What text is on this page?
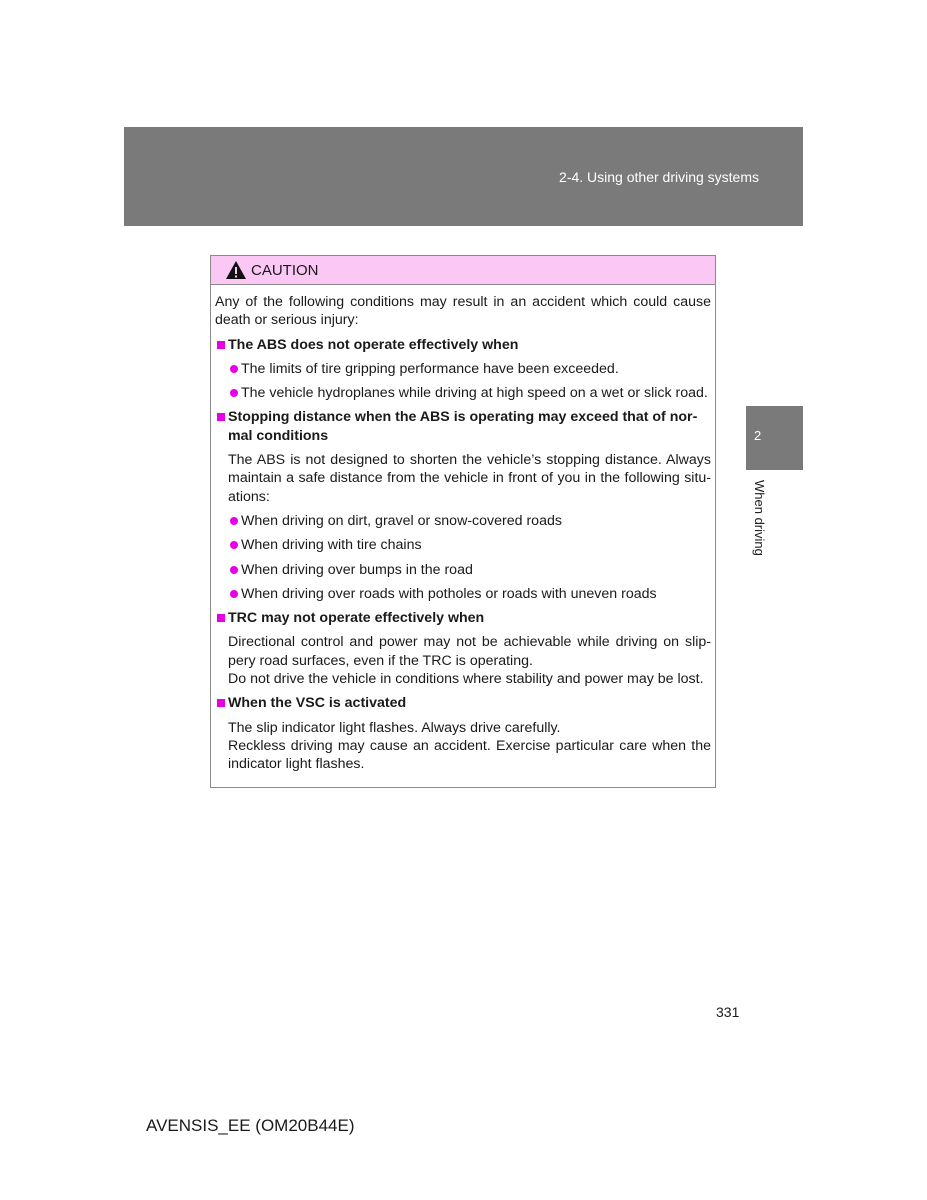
2-4. Using other driving systems
2
When driving
CAUTION
Any of the following conditions may result in an accident which could cause death or serious injury:
The ABS does not operate effectively when
The limits of tire gripping performance have been exceeded.
The vehicle hydroplanes while driving at high speed on a wet or slick road.
Stopping distance when the ABS is operating may exceed that of nor- mal conditions
The ABS is not designed to shorten the vehicle’s stopping distance. Always maintain a safe distance from the vehicle in front of you in the following situ- ations:
When driving on dirt, gravel or snow-covered roads
When driving with tire chains
When driving over bumps in the road
When driving over roads with potholes or roads with uneven roads
TRC may not operate effectively when
Directional control and power may not be achievable while driving on slip- pery road surfaces, even if the TRC is operating.
Do not drive the vehicle in conditions where stability and power may be lost.
When the VSC is activated
The slip indicator light flashes. Always drive carefully.
Reckless driving may cause an accident. Exercise particular care when the indicator light flashes.
331
AVENSIS_EE (OM20B44E)
